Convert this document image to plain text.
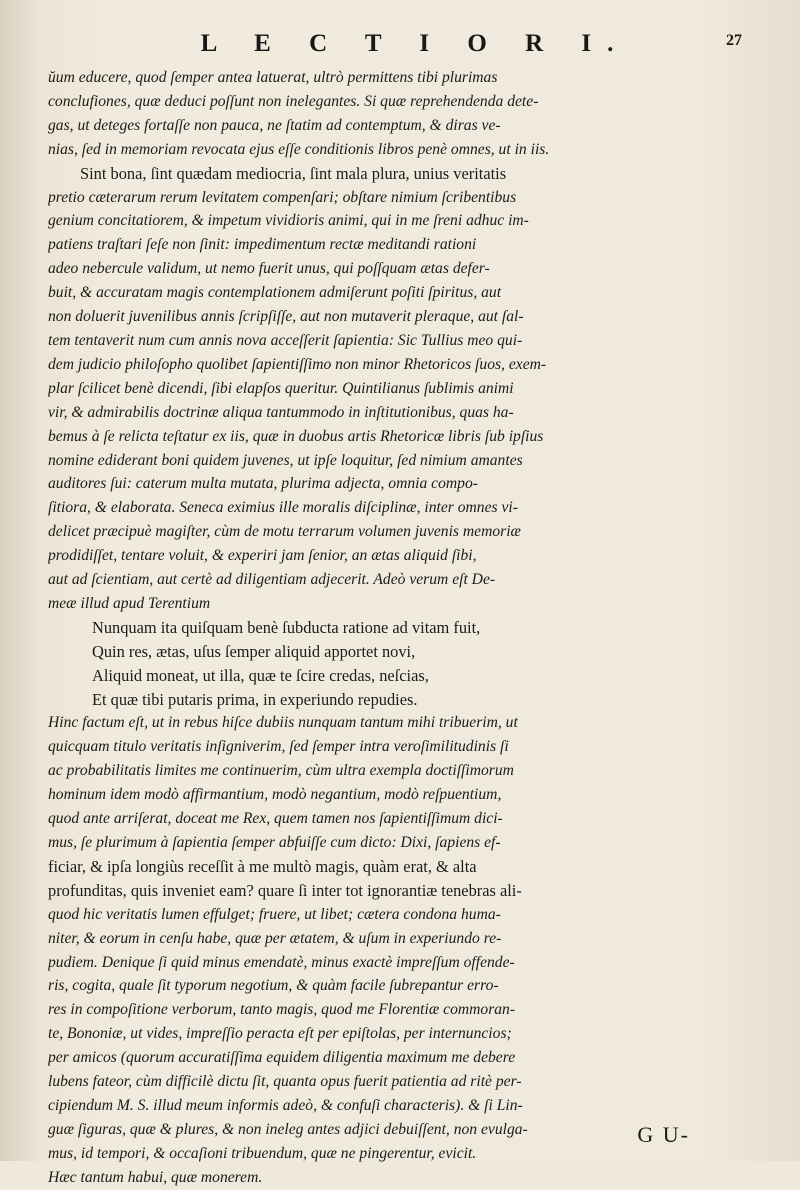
L E C T I O R I.	27

ŭum educere, quod ſemper antea latuerat, ultrò permittens tibi plurimas

conclufiones, quæ deduci poſſunt non inelegantes. Si quæ reprehendenda dete-

gas, ut deteges fortaſſe non pauca, ne ſtatim ad contemptum, & diras ve-

nias, ſed in memoriam revocata ejus eſſe conditionis libros penè omnes, ut in iis.

Sint bona, ſint quædam mediocria, ſint mala plura, unius veritatis

pretio cæterarum rerum levitatem compenſari; obſtare nimium ſcribentibus

genium concitatiorem, & impetum vividioris animi, qui in me ſreni adhuc im-

patiens traſtari ſeſe non ſinit: impedimentum rectæ meditandi rationi

adeo nebercule validum, ut nemo fuerit unus, qui poſſquam ætas defer-

buit, & accuratam magis contemplationem admiſerunt poſiti ſpiritus, aut

non doluerit juvenilibus annis ſcripſiſſe, aut non mutaverit pleraque, aut ſal-

tem tentaverit num cum annis nova acceſſerit ſapientia: Sic Tullius meo qui-

dem judicio philoſopho quolibet ſapientiſſimo non minor Rhetoricos ſuos, exem-

plar ſcilicet benè dicendi, ſibi elapſos queritur. Quintilianus ſublimis animi

vir, & admirabilis doctrinæ aliqua tantummodo in inſtitutionibus, quas ha-

bemus à ſe relicta teſtatur ex iis, quæ in duobus artis Rhetoricæ libris ſub ipſius

nomine ediderant boni quidem juvenes, ut ipſe loquitur, ſed nimium amantes

auditores ſui: caterum multa mutata, plurima adjecta, omnia compo-

ſitiora, & elaborata. Seneca eximius ille moralis diſciplinæ, inter omnes vi-

delicet præcipuè magiſter, cùm de motu terrarum volumen juvenis memoriæ

prodidiſſet, tentare voluit, & experiri jam ſenior, an ætas aliquid ſibi,

aut ad ſcientiam, aut certè ad diligentiam adjecerit. Adeò verum eſt De-

meæ illud apud Terentium

Nunquam ita quiſquam benè ſubducta ratione ad vitam fuit,

Quin res, ætas, uſus ſemper aliquid apportet novi,

Aliquid moneat, ut illa, quæ te ſcire credas, neſcias,

Et quæ tibi putaris prima, in experiundo repudies.

Hinc factum eſt, ut in rebus hiſce dubiis nunquam tantum mihi tribuerim, ut

quicquam titulo veritatis inſigniverim, ſed ſemper intra veroſimilitudinis ſi

ac probabilitatis limites me continuerim, cùm ultra exempla doctiſſimorum

hominum idem modò affirmantium, modò negantium, modò reſpuentium,

quod ante arriſerat, doceat me Rex, quem tamen nos ſapientiſſimum dici-

mus, ſe plurimum à ſapientia ſemper abfuiſſe cum dicto: Dixi, ſapiens ef-

ficiar, & ipſa longiùs receſſit à me multò magis, quàm erat, & alta

profunditas, quis inveniet eam? quare ſi inter tot ignorantiæ tenebras ali-

quod hic veritatis lumen effulget; fruere, ut libet; cætera condona huma-

niter, & eorum in cenſu habe, quæ per ætatem, & uſum in experiundo re-

pudiem. Denique ſi quid minus emendatè, minus exactè impreſſum offende-

ris, cogita, quale ſit typorum negotium, & quàm facile ſubrepantur erro-

res in compoſitione verborum, tanto magis, quod me Florentiæ commoran-

te, Bononiæ, ut vides, impreſſio peracta eſt per epiſtolas, per internuncios;

per amicos (quorum accuratiſſima equidem diligentia maximum me debere

lubens fateor, cùm difficilè dictu ſit, quanta opus fuerit patientia ad ritè per-

cipiendum M. S. illud meum informis adeò, & confuſi characteris). & ſi Lin-

guæ ſiguras, quæ & plures, & non ineleg antes adjici debuiſſent, non evulga-

mus, id tempori, & occaſioni tribuendum, quæ ne pingerentur, evicit.

Hæc tantum habui, quæ monerem.

G U-
